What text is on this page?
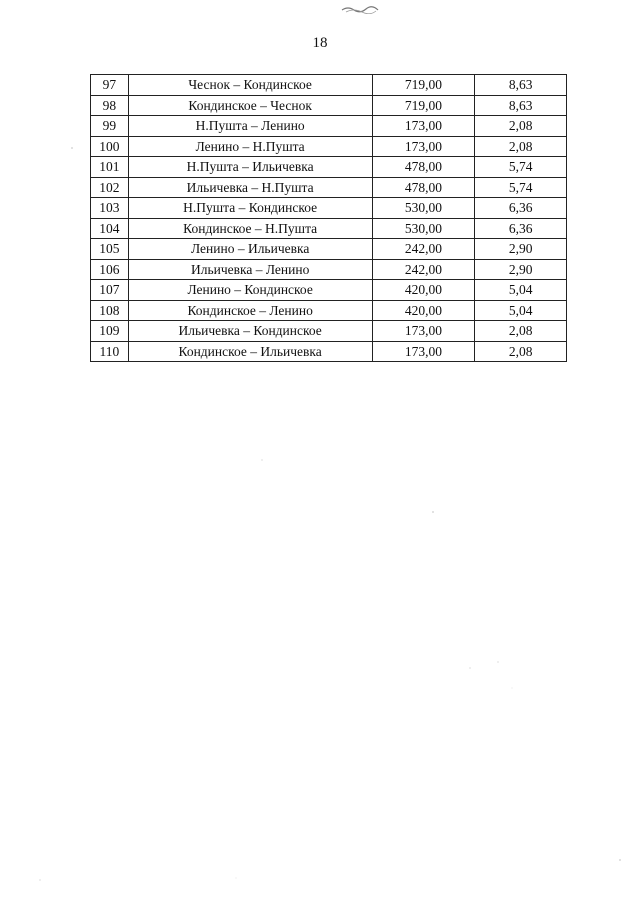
18
97	Чеснок – Кондинское	719,00	8,63
98	Кондинское – Чеснок	719,00	8,63
99	Н.Пушта – Ленино	173,00	2,08
100	Ленино – Н.Пушта	173,00	2,08
101	Н.Пушта – Ильичевка	478,00	5,74
102	Ильичевка – Н.Пушта	478,00	5,74
103	Н.Пушта – Кондинское	530,00	6,36
104	Кондинское – Н.Пушта	530,00	6,36
105	Ленино – Ильичевка	242,00	2,90
106	Ильичевка – Ленино	242,00	2,90
107	Ленино – Кондинское	420,00	5,04
108	Кондинское – Ленино	420,00	5,04
109	Ильичевка – Кондинское	173,00	2,08
110	Кондинское – Ильичевка	173,00	2,08
